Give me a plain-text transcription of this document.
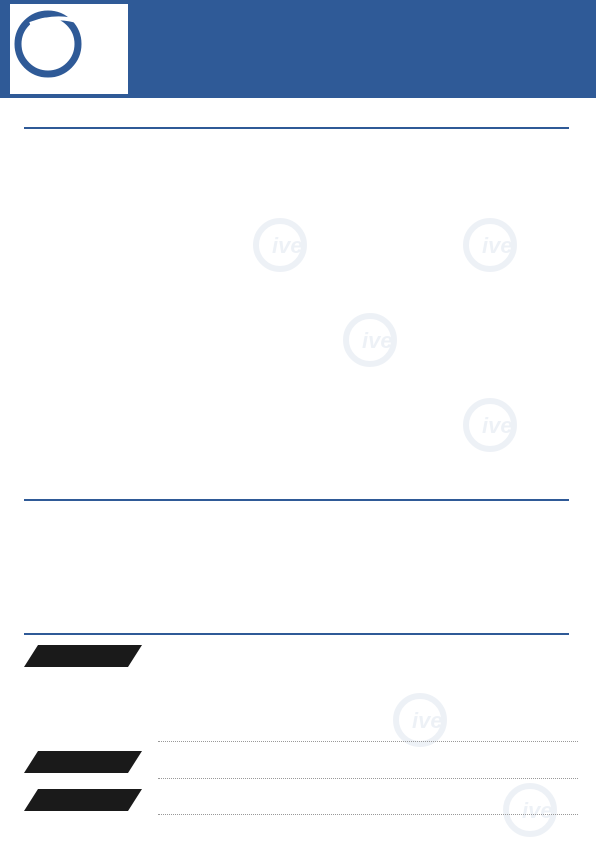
ive
ive
ive
ive
ive
ive
